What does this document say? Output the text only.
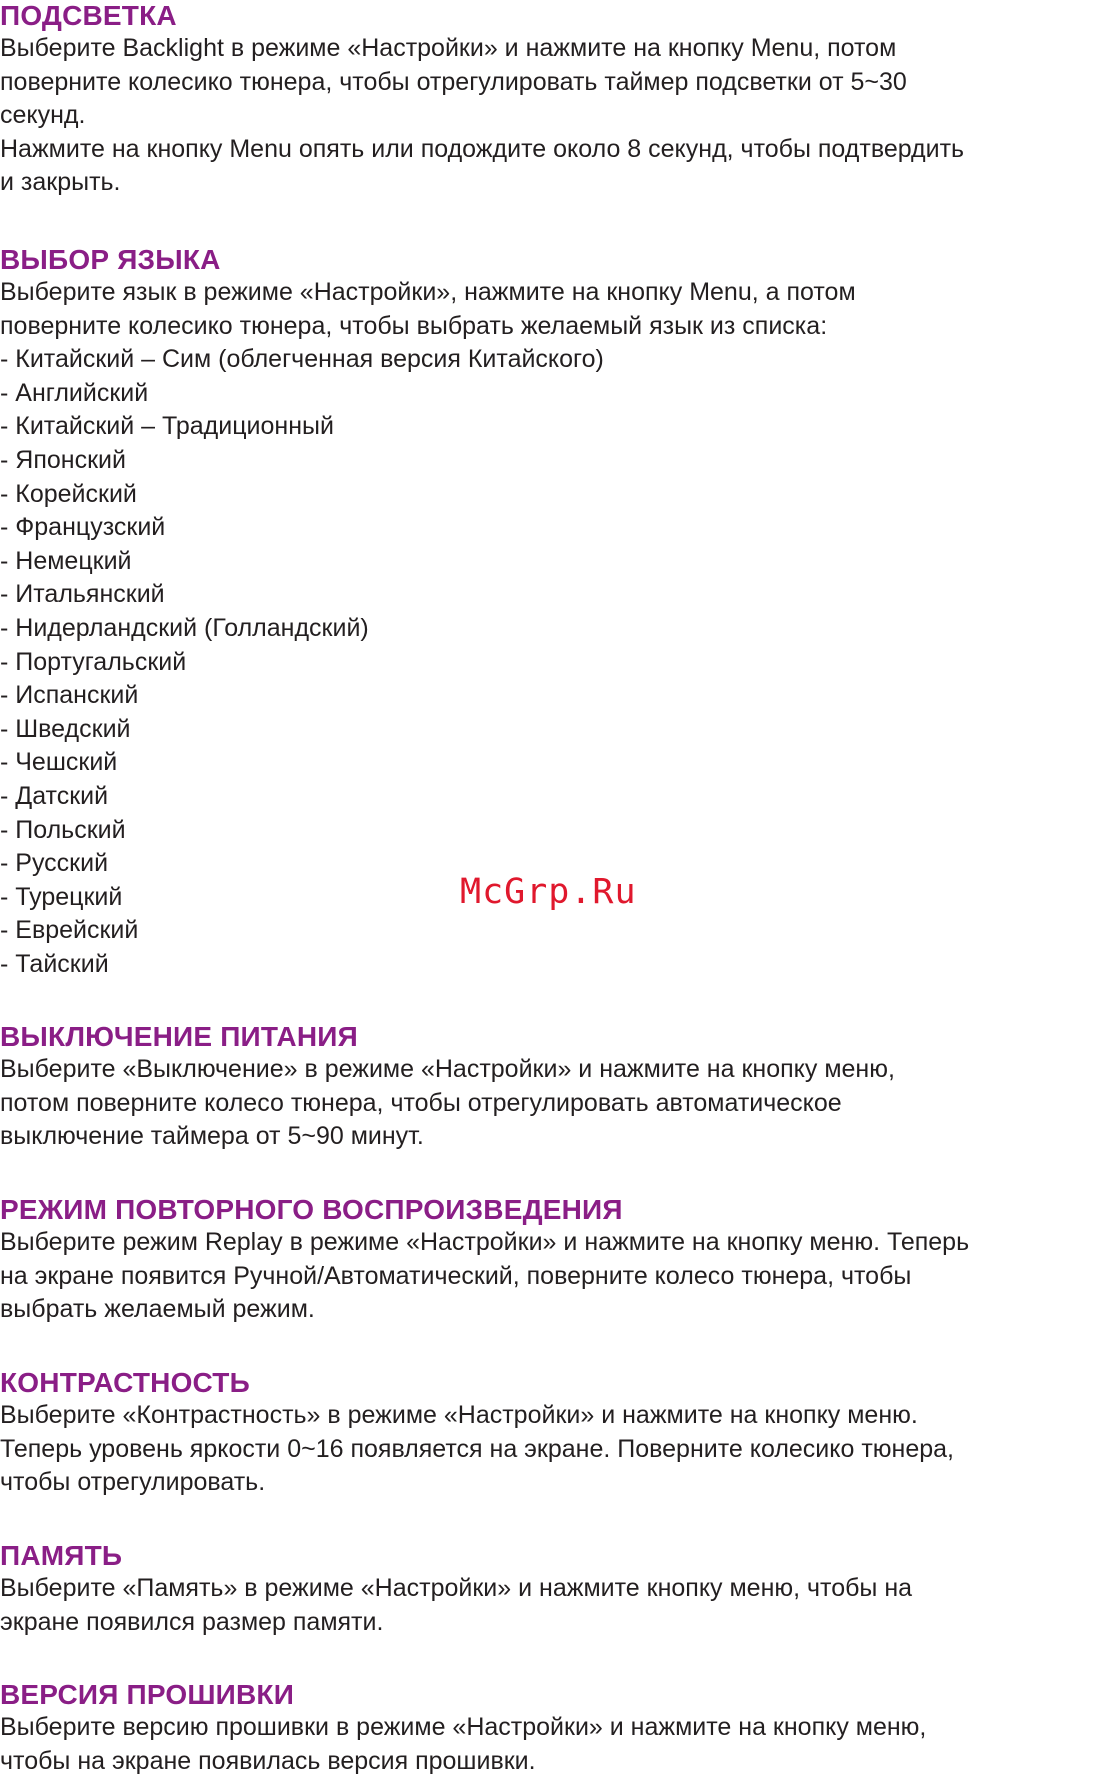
ПОДСВЕТКА

Выберите Backlight в режиме «Настройки» и нажмите на кнопку Menu, потом

поверните колесико тюнера, чтобы отрегулировать таймер подсветки от 5~30

секунд.

Нажмите на кнопку Menu опять или подождите около 8 секунд, чтобы подтвердить

и закрыть.

ВЫБОР ЯЗЫКА

Выберите язык в режиме «Настройки», нажмите на кнопку Menu, а потом

поверните колесико тюнера, чтобы выбрать желаемый язык из списка:

- Китайский – Сим (облегченная версия Китайского)
- Английский
- Китайский – Традиционный
- Японский
- Корейский
- Французский
- Немецкий
- Итальянский
- Нидерландский (Голландский)
- Португальский
- Испанский
- Шведский
- Чешский
- Датский
- Польский
- Русский
- Турецкий
- Еврейский
- Тайский
ВЫКЛЮЧЕНИЕ ПИТАНИЯ

Выберите «Выключение» в режиме «Настройки» и нажмите на кнопку меню,

потом поверните колесо тюнера, чтобы отрегулировать автоматическое

выключение таймера от 5~90 минут.

РЕЖИМ ПОВТОРНОГО ВОСПРОИЗВЕДЕНИЯ

Выберите режим Replay в режиме «Настройки» и нажмите на кнопку меню. Теперь

на экране появится Ручной/Автоматический, поверните колесо тюнера, чтобы

выбрать желаемый режим.

КОНТРАСТНОСТЬ

Выберите «Контрастность» в режиме «Настройки» и нажмите на кнопку меню.

Теперь уровень яркости 0~16 появляется на экране. Поверните колесико тюнера,

чтобы отрегулировать.

ПАМЯТЬ

Выберите «Память» в режиме «Настройки» и нажмите кнопку меню, чтобы на

экране появился размер памяти.

ВЕРСИЯ ПРОШИВКИ

Выберите версию прошивки в режиме «Настройки» и нажмите на кнопку меню,

чтобы на экране появилась версия прошивки.

McGrp.Ru
